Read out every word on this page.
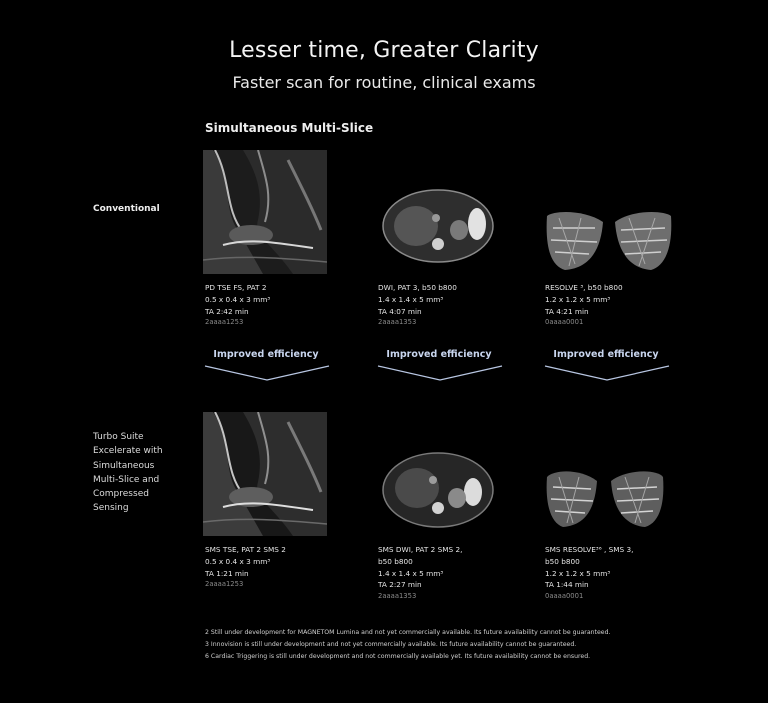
Lesser time, Greater Clarity
Faster scan for routine, clinical exams
Simultaneous Multi-Slice
Conventional
Turbo Suite
Excelerate with
Simultaneous
Multi-Slice and
Compressed
Sensing
PD TSE FS, PAT 2
0.5 x 0.4 x 3 mm³
TA 2:42 min
2aaaa1253
DWI, PAT 3, b50 b800
1.4 x 1.4 x 5 mm³
TA 4:07 min
2aaaa1353
RESOLVE ³, b50 b800
1.2 x 1.2 x 5 mm³
TA 4:21 min
0aaaa0001
Improved efficiency	Improved efficiency	Improved efficiency
SMS TSE, PAT 2 SMS 2
0.5 x 0.4 x 3 mm³
TA 1:21 min
2aaaa1253
SMS DWI, PAT 2 SMS 2,
b50 b800
1.4 x 1.4 x 5 mm³
TA 2:27 min
2aaaa1353
SMS RESOLVE³⁶ , SMS 3,
b50 b800
1.2 x 1.2 x 5 mm³
TA 1:44 min
0aaaa0001
2 Still under development for MAGNETOM Lumina and not yet commercially available. Its future availability cannot be guaranteed.
3 Innovision is still under development and not yet commercially available. Its future availability cannot be guaranteed.
6 Cardiac Triggering is still under development and not commercially available yet. Its future availability cannot be ensured.
